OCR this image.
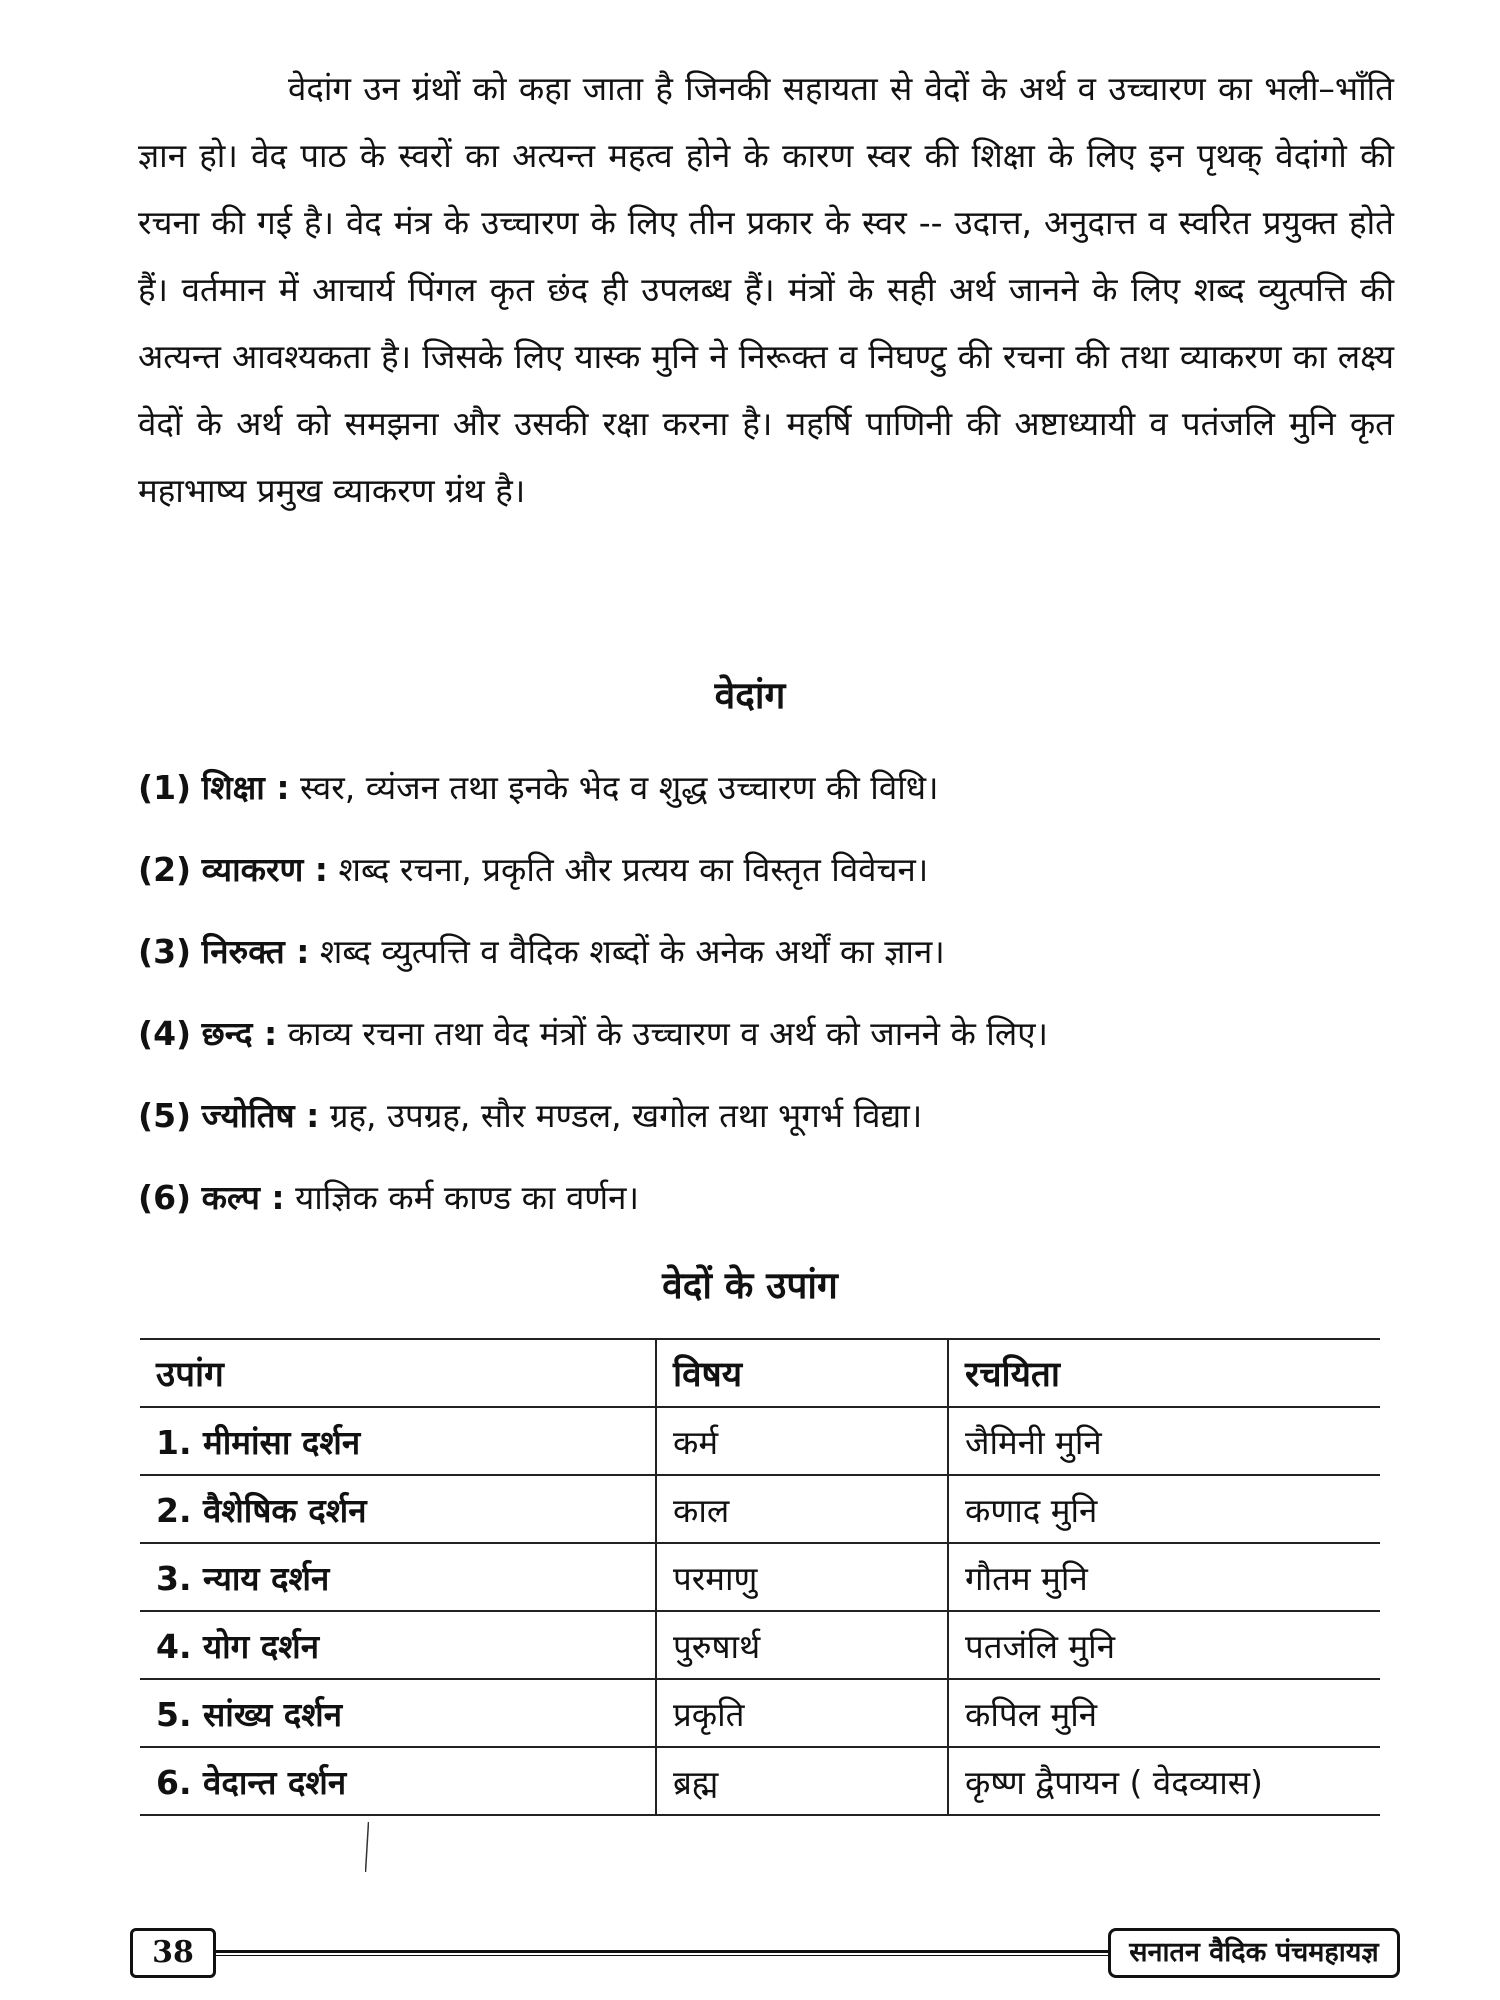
वेदांग उन ग्रंथों को कहा जाता है जिनकी सहायता से वेदों के अर्थ व उच्चारण का भली–भाँति ज्ञान हो। वेद पाठ के स्वरों का अत्यन्त महत्व होने के कारण स्वर की शिक्षा के लिए इन पृथक् वेदांगो की रचना की गई है। वेद मंत्र के उच्चारण के लिए तीन प्रकार के स्वर -- उदात्त, अनुदात्त व स्वरित प्रयुक्त होते हैं। वर्तमान में आचार्य पिंगल कृत छंद ही उपलब्ध हैं। मंत्रों के सही अर्थ जानने के लिए शब्द व्युत्पत्ति की अत्यन्त आवश्यकता है। जिसके लिए यास्क मुनि ने निरूक्त व निघण्टु की रचना की तथा व्याकरण का लक्ष्य वेदों के अर्थ को समझना और उसकी रक्षा करना है। महर्षि पाणिनी की अष्टाध्यायी व पतंजलि मुनि कृत महाभाष्य प्रमुख व्याकरण ग्रंथ है।

वेदांग
(1) शिक्षा : स्वर, व्यंजन तथा इनके भेद व शुद्ध उच्चारण की विधि।
(2) व्याकरण : शब्द रचना, प्रकृति और प्रत्यय का विस्तृत विवेचन।
(3) निरुक्त : शब्द व्युत्पत्ति व वैदिक शब्दों के अनेक अर्थों का ज्ञान।
(4) छन्द : काव्य रचना तथा वेद मंत्रों के उच्चारण व अर्थ को जानने के लिए।
(5) ज्योतिष : ग्रह, उपग्रह, सौर मण्डल, खगोल तथा भूगर्भ विद्या।
(6) कल्प : याज्ञिक कर्म काण्ड का वर्णन।
वेदों के उपांग
उपांग	विषय	रचयिता
1. मीमांसा दर्शन	कर्म	जैमिनी मुनि
2. वैशेषिक दर्शन	काल	कणाद मुनि
3. न्याय दर्शन	परमाणु	गौतम मुनि
4. योग दर्शन	पुरुषार्थ	पतजंलि मुनि
5. सांख्य दर्शन	प्रकृति	कपिल मुनि
6. वेदान्त दर्शन	ब्रह्म	कृष्ण द्वैपायन ( वेदव्यास)
38	सनातन वैदिक पंचमहायज्ञ
